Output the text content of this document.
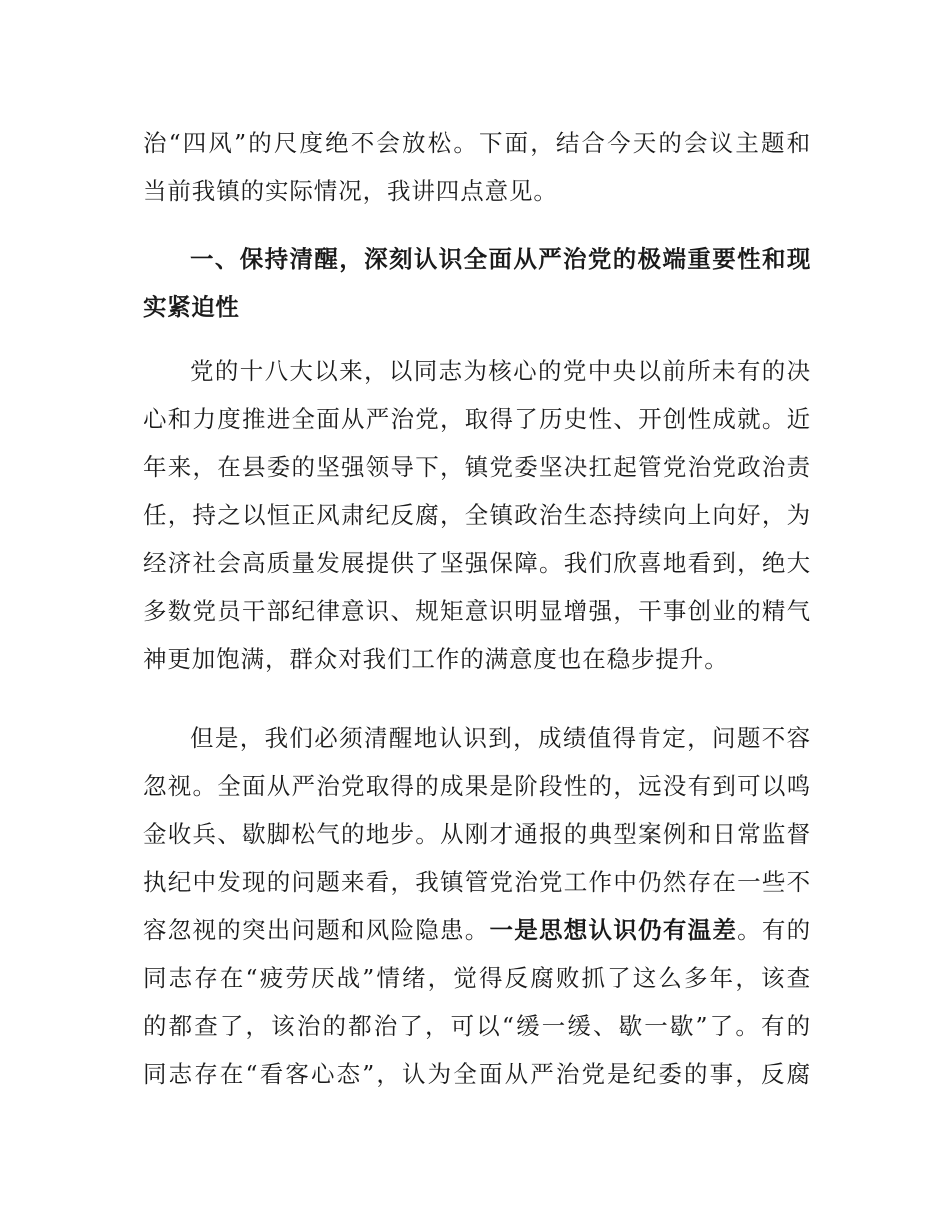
治“四风”的尺度绝不会放松。下面，结合今天的会议主题和
当前我镇的实际情况，我讲四点意见。
一、保持清醒，深刻认识全面从严治党的极端重要性和现
实紧迫性
党的十八大以来，以同志为核心的党中央以前所未有的决
心和力度推进全面从严治党，取得了历史性、开创性成就。近
年来，在县委的坚强领导下，镇党委坚决扛起管党治党政治责
任，持之以恒正风肃纪反腐，全镇政治生态持续向上向好，为
经济社会高质量发展提供了坚强保障。我们欣喜地看到，绝大
多数党员干部纪律意识、规矩意识明显增强，干事创业的精气
神更加饱满，群众对我们工作的满意度也在稳步提升。
但是，我们必须清醒地认识到，成绩值得肯定，问题不容
忽视。全面从严治党取得的成果是阶段性的，远没有到可以鸣
金收兵、歇脚松气的地步。从刚才通报的典型案例和日常监督
执纪中发现的问题来看，我镇管党治党工作中仍然存在一些不
容忽视的突出问题和风险隐患。一是思想认识仍有温差。有的
同志存在“疲劳厌战”情绪，觉得反腐败抓了这么多年，该查
的都查了，该治的都治了，可以“缓一缓、歇一歇”了。有的
同志存在“看客心态”，认为全面从严治党是纪委的事，反腐
